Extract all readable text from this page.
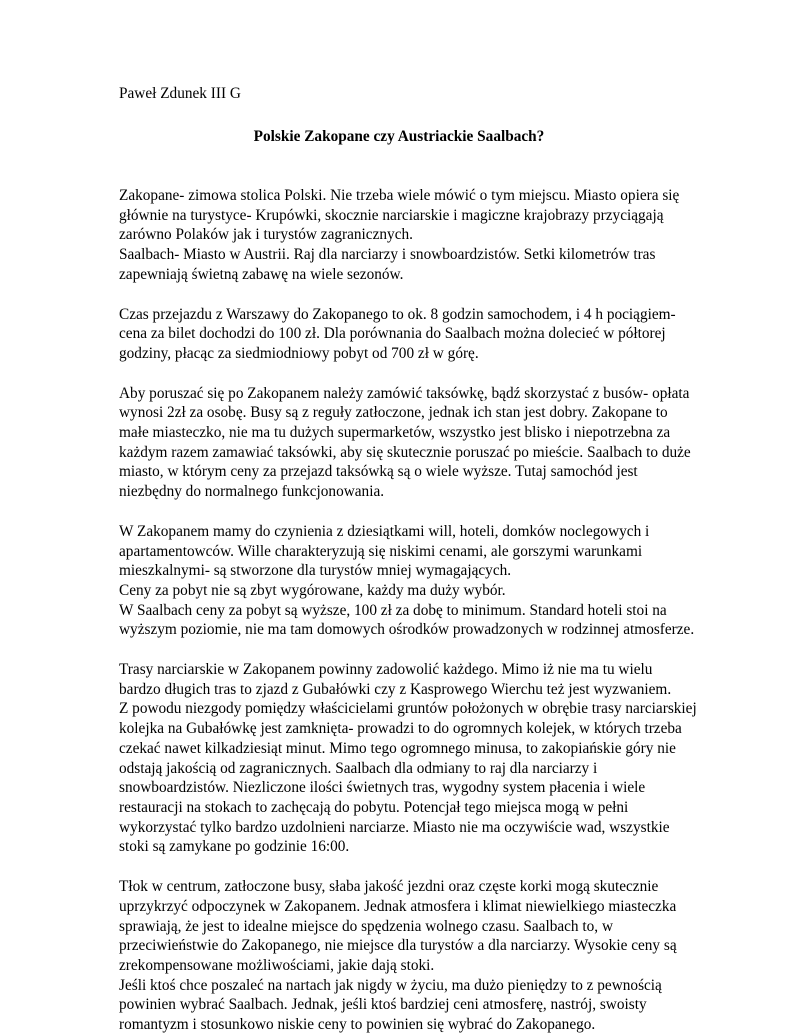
Paweł Zdunek III G

Polskie Zakopane czy Austriackie Saalbach?

Zakopane- zimowa stolica Polski. Nie trzeba wiele mówić o tym miejscu. Miasto opiera się
głównie na turystyce- Krupówki, skocznie narciarskie i magiczne krajobrazy przyciągają
zarówno Polaków jak i turystów zagranicznych.
Saalbach- Miasto w Austrii. Raj dla narciarzy i snowboardzistów. Setki kilometrów tras
zapewniają świetną zabawę na wiele sezonów.

Czas przejazdu z Warszawy do Zakopanego to ok. 8 godzin samochodem, i 4 h pociągiem-
cena za bilet dochodzi do 100 zł. Dla porównania do Saalbach można dolecieć w półtorej
godziny, płacąc za siedmiodniowy pobyt od 700 zł w górę.

Aby poruszać się po Zakopanem należy zamówić taksówkę, bądź skorzystać z busów- opłata
wynosi 2zł za osobę. Busy są z reguły zatłoczone, jednak ich stan jest dobry. Zakopane to
małe miasteczko, nie ma tu dużych supermarketów, wszystko jest blisko i niepotrzebna za
każdym razem zamawiać taksówki, aby się skutecznie poruszać po mieście. Saalbach to duże
miasto, w którym ceny za przejazd taksówką są o wiele wyższe. Tutaj samochód jest
niezbędny do normalnego funkcjonowania.

W Zakopanem mamy do czynienia z dziesiątkami will, hoteli, domków noclegowych i
apartamentowców. Wille charakteryzują się niskimi cenami, ale gorszymi warunkami
mieszkalnymi- są stworzone dla turystów mniej wymagających.
Ceny za pobyt nie są zbyt wygórowane, każdy ma duży wybór.
W Saalbach ceny za pobyt są wyższe, 100 zł za dobę to minimum. Standard hoteli stoi na
wyższym poziomie, nie ma tam domowych ośrodków prowadzonych w rodzinnej atmosferze.

Trasy narciarskie w Zakopanem powinny zadowolić każdego. Mimo iż nie ma tu wielu
bardzo długich tras to zjazd z Gubałówki czy z Kasprowego Wierchu też jest wyzwaniem.
Z powodu niezgody pomiędzy właścicielami gruntów położonych w obrębie trasy narciarskiej
kolejka na Gubałówkę jest zamknięta- prowadzi to do ogromnych kolejek, w których trzeba
czekać nawet kilkadziesiąt minut. Mimo tego ogromnego minusa, to zakopiańskie góry nie
odstają jakością od zagranicznych. Saalbach dla odmiany to raj dla narciarzy i
snowboardzistów. Niezliczone ilości świetnych tras, wygodny system płacenia i wiele
restauracji na stokach to zachęcają do pobytu. Potencjał tego miejsca mogą w pełni
wykorzystać tylko bardzo uzdolnieni narciarze. Miasto nie ma oczywiście wad, wszystkie
stoki są zamykane po godzinie 16:00.

Tłok w centrum, zatłoczone busy, słaba jakość jezdni oraz częste korki mogą skutecznie
uprzykrzyć odpoczynek w Zakopanem. Jednak atmosfera i klimat niewielkiego miasteczka
sprawiają, że jest to idealne miejsce do spędzenia wolnego czasu. Saalbach to, w
przeciwieństwie do Zakopanego, nie miejsce dla turystów a dla narciarzy. Wysokie ceny są
zrekompensowane możliwościami, jakie dają stoki.
Jeśli ktoś chce poszaleć na nartach jak nigdy w życiu, ma dużo pieniędzy to z pewnością
powinien wybrać Saalbach. Jednak, jeśli ktoś bardziej ceni atmosferę, nastrój, swoisty
romantyzm i stosunkowo niskie ceny to powinien się wybrać do Zakopanego.
